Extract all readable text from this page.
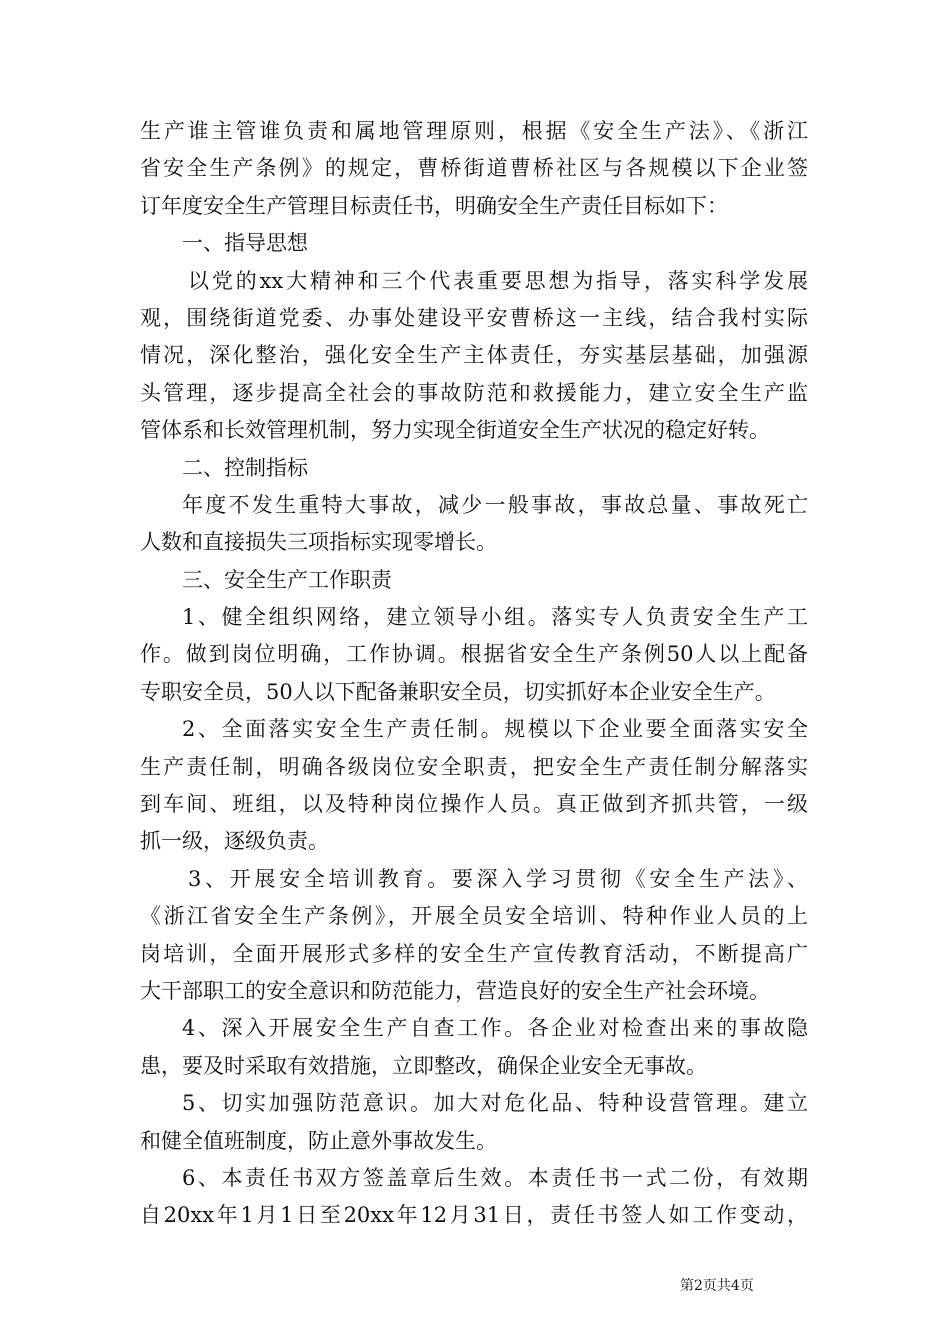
生产谁主管谁负责和属地管理原则，根据《安全生产法》、《浙江
省安全生产条例》的规定，曹桥街道曹桥社区与各规模以下企业签
订年度安全生产管理目标责任书，明确安全生产责任目标如下：
一、指导思想
以党的xx大精神和三个代表重要思想为指导，落实科学发展
观，围绕街道党委、办事处建设平安曹桥这一主线，结合我村实际
情况，深化整治，强化安全生产主体责任，夯实基层基础，加强源
头管理，逐步提高全社会的事故防范和救援能力，建立安全生产监
管体系和长效管理机制，努力实现全街道安全生产状况的稳定好转。
二、控制指标
年度不发生重特大事故，减少一般事故，事故总量、事故死亡
人数和直接损失三项指标实现零增长。
三、安全生产工作职责
1、健全组织网络，建立领导小组。落实专人负责安全生产工
作。做到岗位明确，工作协调。根据省安全生产条例50人以上配备
专职安全员，50人以下配备兼职安全员，切实抓好本企业安全生产。
2、全面落实安全生产责任制。规模以下企业要全面落实安全
生产责任制，明确各级岗位安全职责，把安全生产责任制分解落实
到车间、班组，以及特种岗位操作人员。真正做到齐抓共管，一级
抓一级，逐级负责。
3、开展安全培训教育。要深入学习贯彻《安全生产法》、
《浙江省安全生产条例》，开展全员安全培训、特种作业人员的上
岗培训，全面开展形式多样的安全生产宣传教育活动，不断提高广
大干部职工的安全意识和防范能力，营造良好的安全生产社会环境。
4、深入开展安全生产自查工作。各企业对检查出来的事故隐
患，要及时采取有效措施，立即整改，确保企业安全无事故。
5、切实加强防范意识。加大对危化品、特种设营管理。建立
和健全值班制度，防止意外事故发生。
6、本责任书双方签盖章后生效。本责任书一式二份，有效期
自20xx年1月1日至20xx年12月31日，责任书签人如工作变动，
第2页共4页
